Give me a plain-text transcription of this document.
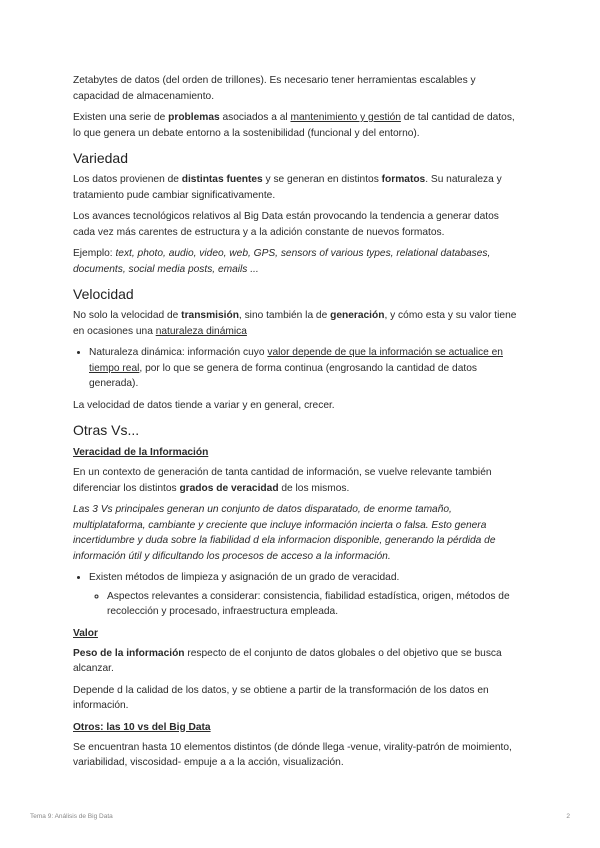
Zetabytes de datos (del orden de trillones). Es necesario tener herramientas escalables y capacidad de almacenamiento.

Existen una serie de problemas asociados a al mantenimiento y gestión de tal cantidad de datos, lo que genera un debate entorno a la sostenibilidad (funcional y del entorno).

Variedad

Los datos provienen de distintas fuentes y se generan en distintos formatos. Su naturaleza y tratamiento pude cambiar significativamente.

Los avances tecnológicos relativos al Big Data están provocando la tendencia a generar datos cada vez más carentes de estructura y a la adición constante de nuevos formatos.

Ejemplo: text, photo, audio, video, web, GPS, sensors of various types, relational databases, documents, social media posts, emails ...

Velocidad

No solo la velocidad de transmisión, sino también la de generación, y cómo esta y su valor tiene en ocasiones una naturaleza dinámica

• Naturaleza dinámica: información cuyo valor depende de que la información se actualice en tiempo real, por lo que se genera de forma continua (engrosando la cantidad de datos generada).

La velocidad de datos tiende a variar y en general, crecer.

Otras Vs...
Veracidad de la Información

En un contexto de generación de tanta cantidad de información, se vuelve relevante también diferenciar los distintos grados de veracidad de los mismos.

Las 3 Vs principales generan un conjunto de datos disparatado, de enorme tamaño, multiplataforma, cambiante y creciente que incluye información incierta o falsa. Esto genera incertidumbre y duda sobre la fiabilidad d ela informacion disponible, generando la pérdida de información útil y dificultando los procesos de acceso a la información.

• Existen métodos de limpieza y asignación de un grado de veracidad.
◦ Aspectos relevantes a considerar: consistencia, fiabilidad estadística, origen, métodos de recolección y procesado, infraestructura empleada.
Valor

Peso de la información respecto de el conjunto de datos globales o del objetivo que se busca alcanzar.

Depende d la calidad de los datos, y se obtiene a partir de la transformación de los datos en información.

Otros: las 10 vs del Big Data

Se encuentran hasta 10 elementos distintos (de dónde llega -venue, virality-patrón de moimiento, variabilidad, viscosidad- empuje a a la acción, visualización.

Tema 9: Análisis de Big Data	2
